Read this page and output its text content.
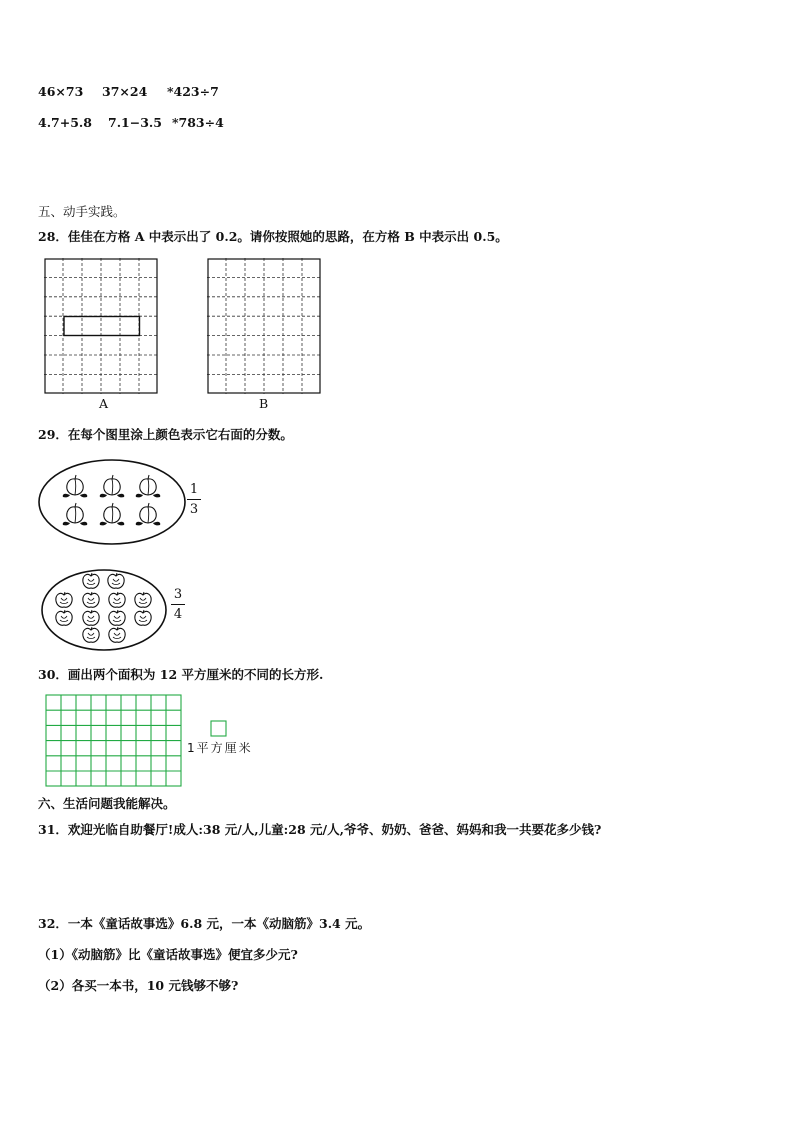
46×73 37×24 *423÷7
4.7+5.8 7.1−3.5 *783÷4
五、动手实践。
28．佳佳在方格 A 中表示出了 0.2。请你按照她的思路，在方格 B 中表示出 0.5。
A	B
29．在每个图里涂上颜色表示它右面的分数。
1
3
3
4
30．画出两个面积为 12 平方厘米的不同的长方形.
1平方厘米
六、生活问题我能解决。
31．欢迎光临自助餐厅!成人:38 元/人,儿童:28 元/人,爷爷、奶奶、爸爸、妈妈和我一共要花多少钱?
32．一本《童话故事选》6.8 元，一本《动脑筋》3.4 元。
（1）《动脑筋》比《童话故事选》便宜多少元?
（2）各买一本书，10 元钱够不够?
